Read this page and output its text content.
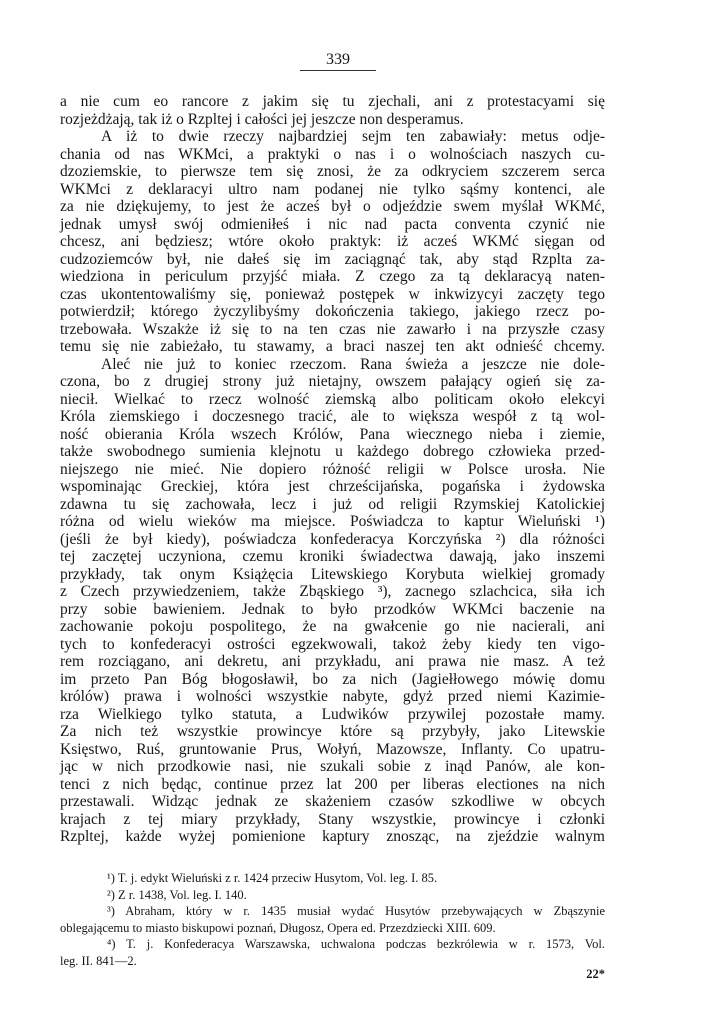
339
a nie cum eo rancore z jakim się tu zjechali, ani z protestacyami się
rozjeżdżają, tak iż o Rzpltej i całości jej jeszcze non desperamus.
A iż to dwie rzeczy najbardziej sejm ten zabawiały: metus odje-
chania od nas WKMci, a praktyki o nas i o wolnościach naszych cu-
dzoziemskie, to pierwsze tem się znosi, że za odkryciem szczerem serca
WKMci z deklaracyi ultro nam podanej nie tylko sąśmy kontenci, ale
za nie dziękujemy, to jest że acześ był o odjeździe swem myślał WKMć,
jednak umysł swój odmieniłeś i nic nad pacta conventa czynić nie
chcesz, ani będziesz; wtóre około praktyk: iż acześ WKMć sięgan od
cudzoziemców był, nie dałeś się im zaciągnąć tak, aby stąd Rzplta za-
wiedziona in periculum przyjść miała. Z czego za tą deklaracyą naten-
czas ukontentowaliśmy się, ponieważ postępek w inkwizycyi zaczęty tego
potwierdził; którego życzylibyśmy dokończenia takiego, jakiego rzecz po-
trzebowała. Wszakże iż się to na ten czas nie zawarło i na przyszłe czasy
temu się nie zabieżało, tu stawamy, a braci naszej ten akt odnieść chcemy.
Aleć nie już to koniec rzeczom. Rana świeża a jeszcze nie dole-
czona, bo z drugiej strony już nietajny, owszem pałający ogień się za-
niecił. Wielkać to rzecz wolność ziemską albo politicam około elekcyi
Króla ziemskiego i doczesnego tracić, ale to większa wespół z tą wol-
ność obierania Króla wszech Królów, Pana wiecznego nieba i ziemie,
także swobodnego sumienia klejnotu u każdego dobrego człowieka przed-
niejszego nie mieć. Nie dopiero różność religii w Polsce urosła. Nie
wspominając Greckiej, która jest chrześcijańska, pogańska i żydowska
zdawna tu się zachowała, lecz i już od religii Rzymskiej Katolickiej
różna od wielu wieków ma miejsce. Poświadcza to kaptur Wieluński ¹)
(jeśli że był kiedy), poświadcza konfederacya Korczyńska ²) dla różności
tej zaczętej uczyniona, czemu kroniki świadectwa dawają, jako inszemi
przykłady, tak onym Książęcia Litewskiego Korybuta wielkiej gromady
z Czech przywiedzeniem, także Zbąskiego ³), zacnego szlachcica, siła ich
przy sobie bawieniem. Jednak to było przodków WKMci baczenie na
zachowanie pokoju pospolitego, że na gwałcenie go nie nacierali, ani
tych to konfederacyi ostrości egzekwowali, takoż żeby kiedy ten vigo-
rem rozciągano, ani dekretu, ani przykładu, ani prawa nie masz. A też
im przeto Pan Bóg błogosławił, bo za nich (Jagiełłowego mówię domu
królów) prawa i wolności wszystkie nabyte, gdyż przed niemi Kazimie-
rza Wielkiego tylko statuta, a Ludwików przywilej pozostałe mamy.
Za nich też wszystkie prowincye które są przybyły, jako Litewskie
Księstwo, Ruś, gruntowanie Prus, Wołyń, Mazowsze, Inflanty. Co upatru-
jąc w nich przodkowie nasi, nie szukali sobie z inąd Panów, ale kon-
tenci z nich będąc, continue przez lat 200 per liberas electiones na nich
przestawali. Widząc jednak ze skażeniem czasów szkodliwe w obcych
krajach z tej miary przykłady, Stany wszystkie, prowincye i członki
Rzpltej, każde wyżej pomienione kaptury znosząc, na zjeździe walnym
¹) T. j. edykt Wieluński z r. 1424 przeciw Husytom, Vol. leg. I. 85.
²) Z r. 1438, Vol. leg. I. 140.
³) Abraham, który w r. 1435 musiał wydać Husytów przebywających w Zbąszynie
oblegającemu to miasto biskupowi poznań, Długosz, Opera ed. Przezdziecki XIII. 609.
⁴) T. j. Konfederacya Warszawska, uchwalona podczas bezkrólewia w r. 1573, Vol.
leg. II. 841—2.
22*
